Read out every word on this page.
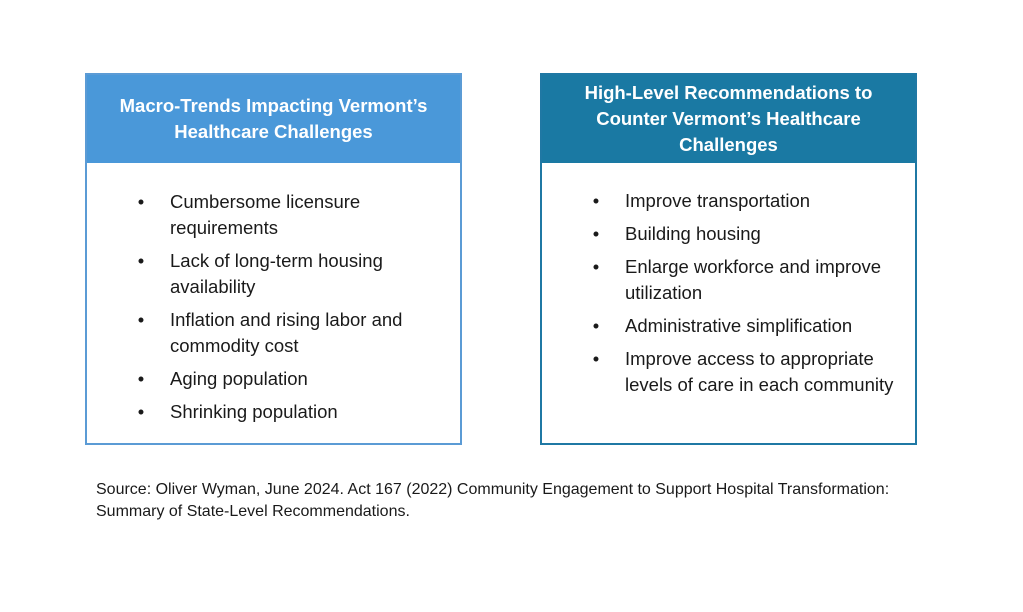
Macro-Trends Impacting Vermont’s Healthcare Challenges
• Cumbersome licensure requirements
• Lack of long-term housing availability
• Inflation and rising labor and commodity cost
• Aging population
• Shrinking population
High-Level Recommendations to Counter Vermont’s Healthcare Challenges
• Improve transportation
• Building housing
• Enlarge workforce and improve utilization
• Administrative simplification
• Improve access to appropriate levels of care in each community
Source: Oliver Wyman, June 2024. Act 167 (2022) Community Engagement to Support Hospital Transformation: Summary of State-Level Recommendations.
